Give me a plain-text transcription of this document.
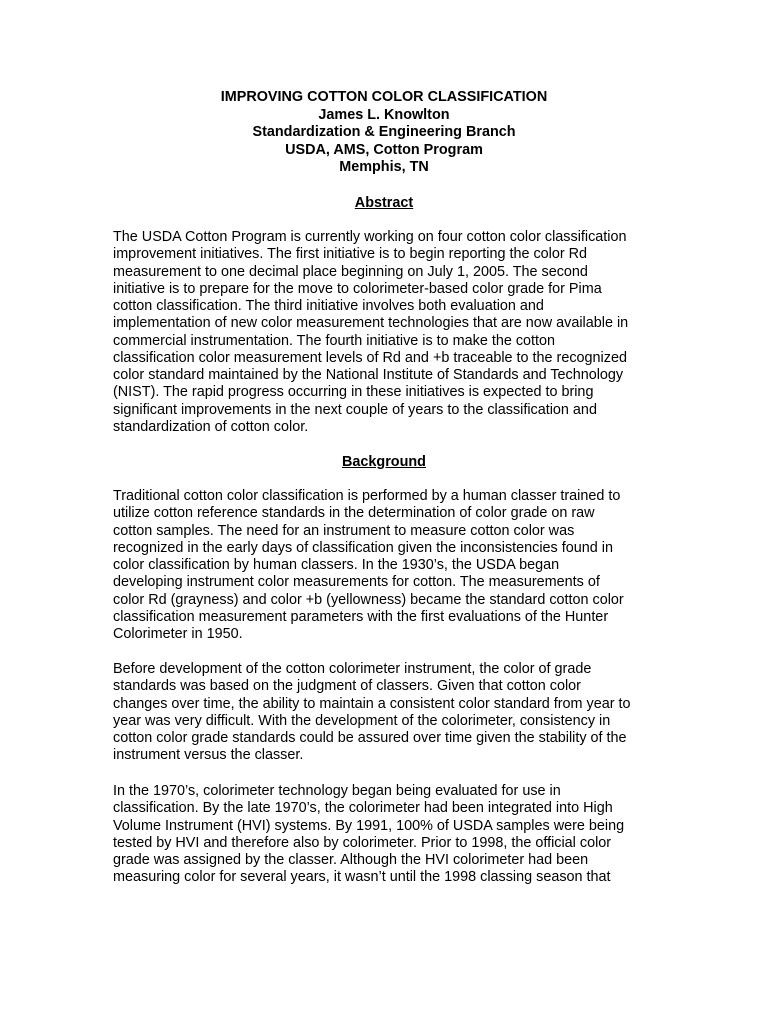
IMPROVING COTTON COLOR CLASSIFICATION
James L. Knowlton
Standardization & Engineering Branch
USDA, AMS, Cotton Program
Memphis, TN
Abstract
The USDA Cotton Program is currently working on four cotton color classification
improvement initiatives. The first initiative is to begin reporting the color Rd
measurement to one decimal place beginning on July 1, 2005. The second
initiative is to prepare for the move to colorimeter-based color grade for Pima
cotton classification. The third initiative involves both evaluation and
implementation of new color measurement technologies that are now available in
commercial instrumentation. The fourth initiative is to make the cotton
classification color measurement levels of Rd and +b traceable to the recognized
color standard maintained by the National Institute of Standards and Technology
(NIST). The rapid progress occurring in these initiatives is expected to bring
significant improvements in the next couple of years to the classification and
standardization of cotton color.
Background
Traditional cotton color classification is performed by a human classer trained to
utilize cotton reference standards in the determination of color grade on raw
cotton samples. The need for an instrument to measure cotton color was
recognized in the early days of classification given the inconsistencies found in
color classification by human classers. In the 1930’s, the USDA began
developing instrument color measurements for cotton. The measurements of
color Rd (grayness) and color +b (yellowness) became the standard cotton color
classification measurement parameters with the first evaluations of the Hunter
Colorimeter in 1950.
Before development of the cotton colorimeter instrument, the color of grade
standards was based on the judgment of classers. Given that cotton color
changes over time, the ability to maintain a consistent color standard from year to
year was very difficult. With the development of the colorimeter, consistency in
cotton color grade standards could be assured over time given the stability of the
instrument versus the classer.
In the 1970’s, colorimeter technology began being evaluated for use in
classification. By the late 1970’s, the colorimeter had been integrated into High
Volume Instrument (HVI) systems. By 1991, 100% of USDA samples were being
tested by HVI and therefore also by colorimeter. Prior to 1998, the official color
grade was assigned by the classer. Although the HVI colorimeter had been
measuring color for several years, it wasn’t until the 1998 classing season that
